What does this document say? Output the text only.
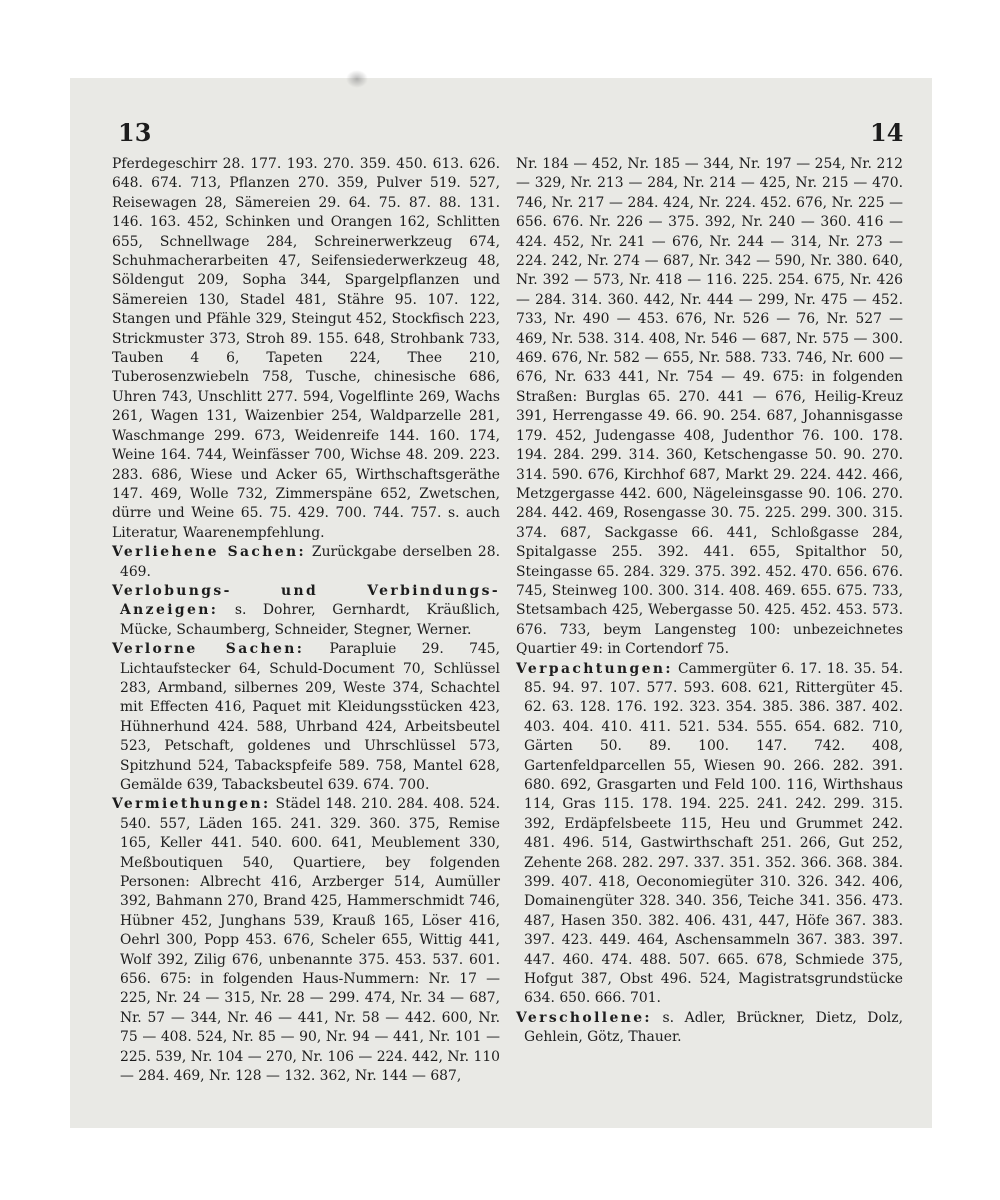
13	14

Pferdegeschirr 28. 177. 193. 270. 359. 450. 613. 626. 648. 674. 713, Pflanzen 270. 359, Pulver 519. 527, Reisewagen 28, Sämereien 29. 64. 75. 87. 88. 131. 146. 163. 452, Schinken und Orangen 162, Schlitten 655, Schnellwage 284, Schreinerwerkzeug 674, Schuhmacherarbeiten 47, Seifensiederwerkzeug 48, Söldengut 209, Sopha 344, Spargelpflanzen und Sämereien 130, Stadel 481, Stähre 95. 107. 122, Stangen und Pfähle 329, Steingut 452, Stockfisch 223, Strickmuster 373, Stroh 89. 155. 648, Strohbank 733, Tauben 4 6, Tapeten 224, Thee 210, Tuberosenzwiebeln 758, Tusche, chinesische 686, Uhren 743, Unschlitt 277. 594, Vogelflinte 269, Wachs 261, Wagen 131, Waizenbier 254, Waldparzelle 281, Waschmange 299. 673, Weidenreife 144. 160. 174, Weine 164. 744, Weinfässer 700, Wichse 48. 209. 223. 283. 686, Wiese und Acker 65, Wirthschaftsgeräthe 147. 469, Wolle 732, Zimmerspäne 652, Zwetschen, dürre und Weine 65. 75. 429. 700. 744. 757. s. auch Literatur, Waarenempfehlung.

Verliehene Sachen: Zurückgabe derselben 28. 469.

Verlobungs- und Verbindungs-Anzeigen: s. Dohrer, Gernhardt, Kräußlich, Mücke, Schaumberg, Schneider, Stegner, Werner.

Verlorne Sachen: Parapluie 29. 745, Lichtaufstecker 64, Schuld-Document 70, Schlüssel 283, Armband, silbernes 209, Weste 374, Schachtel mit Effecten 416, Paquet mit Kleidungsstücken 423, Hühnerhund 424. 588, Uhrband 424, Arbeitsbeutel 523, Petschaft, goldenes und Uhrschlüssel 573, Spitzhund 524, Tabackspfeife 589. 758, Mantel 628, Gemälde 639, Tabacksbeutel 639. 674. 700.

Vermiethungen: Städel 148. 210. 284. 408. 524. 540. 557, Läden 165. 241. 329. 360. 375, Remise 165, Keller 441. 540. 600. 641, Meublement 330, Meßboutiquen 540, Quartiere, bey folgenden Personen: Albrecht 416, Arzberger 514, Aumüller 392, Bahmann 270, Brand 425, Hammerschmidt 746, Hübner 452, Junghans 539, Krauß 165, Löser 416, Oehrl 300, Popp 453. 676, Scheler 655, Wittig 441, Wolf 392, Zilig 676, unbenannte 375. 453. 537. 601. 656. 675: in folgenden Haus-Nummern: Nr. 17 — 225, Nr. 24 — 315, Nr. 28 — 299. 474, Nr. 34 — 687, Nr. 57 — 344, Nr. 46 — 441, Nr. 58 — 442. 600, Nr. 75 — 408. 524, Nr. 85 — 90, Nr. 94 — 441, Nr. 101 — 225. 539, Nr. 104 — 270, Nr. 106 — 224. 442, Nr. 110 — 284. 469, Nr. 128 — 132. 362, Nr. 144 — 687,

Nr. 184 — 452, Nr. 185 — 344, Nr. 197 — 254, Nr. 212 — 329, Nr. 213 — 284, Nr. 214 — 425, Nr. 215 — 470. 746, Nr. 217 — 284. 424, Nr. 224. 452. 676, Nr. 225 — 656. 676. Nr. 226 — 375. 392, Nr. 240 — 360. 416 — 424. 452, Nr. 241 — 676, Nr. 244 — 314, Nr. 273 — 224. 242, Nr. 274 — 687, Nr. 342 — 590, Nr. 380. 640, Nr. 392 — 573, Nr. 418 — 116. 225. 254. 675, Nr. 426 — 284. 314. 360. 442, Nr. 444 — 299, Nr. 475 — 452. 733, Nr. 490 — 453. 676, Nr. 526 — 76, Nr. 527 — 469, Nr. 538. 314. 408, Nr. 546 — 687, Nr. 575 — 300. 469. 676, Nr. 582 — 655, Nr. 588. 733. 746, Nr. 600 — 676, Nr. 633 441, Nr. 754 — 49. 675: in folgenden Straßen: Burglas 65. 270. 441 — 676, Heilig-Kreuz 391, Herrengasse 49. 66. 90. 254. 687, Johannisgasse 179. 452, Judengasse 408, Judenthor 76. 100. 178. 194. 284. 299. 314. 360, Ketschengasse 50. 90. 270. 314. 590. 676, Kirchhof 687, Markt 29. 224. 442. 466, Metzgergasse 442. 600, Nägeleinsgasse 90. 106. 270. 284. 442. 469, Rosengasse 30. 75. 225. 299. 300. 315. 374. 687, Sackgasse 66. 441, Schloßgasse 284, Spitalgasse 255. 392. 441. 655, Spitalthor 50, Steingasse 65. 284. 329. 375. 392. 452. 470. 656. 676. 745, Steinweg 100. 300. 314. 408. 469. 655. 675. 733, Stetsambach 425, Webergasse 50. 425. 452. 453. 573. 676. 733, beym Langensteg 100: unbezeichnetes Quartier 49: in Cortendorf 75.

Verpachtungen: Cammergüter 6. 17. 18. 35. 54. 85. 94. 97. 107. 577. 593. 608. 621, Rittergüter 45. 62. 63. 128. 176. 192. 323. 354. 385. 386. 387. 402. 403. 404. 410. 411. 521. 534. 555. 654. 682. 710, Gärten 50. 89. 100. 147. 742. 408, Gartenfeldparcellen 55, Wiesen 90. 266. 282. 391. 680. 692, Grasgarten und Feld 100. 116, Wirthshaus 114, Gras 115. 178. 194. 225. 241. 242. 299. 315. 392, Erdäpfelsbeete 115, Heu und Grummet 242. 481. 496. 514, Gastwirthschaft 251. 266, Gut 252, Zehente 268. 282. 297. 337. 351. 352. 366. 368. 384. 399. 407. 418, Oeconomiegüter 310. 326. 342. 406, Domainengüter 328. 340. 356, Teiche 341. 356. 473. 487, Hasen 350. 382. 406. 431, 447, Höfe 367. 383. 397. 423. 449. 464, Aschensammeln 367. 383. 397. 447. 460. 474. 488. 507. 665. 678, Schmiede 375, Hofgut 387, Obst 496. 524, Magistratsgrundstücke 634. 650. 666. 701.

Verschollene: s. Adler, Brückner, Dietz, Dolz, Gehlein, Götz, Thauer.
